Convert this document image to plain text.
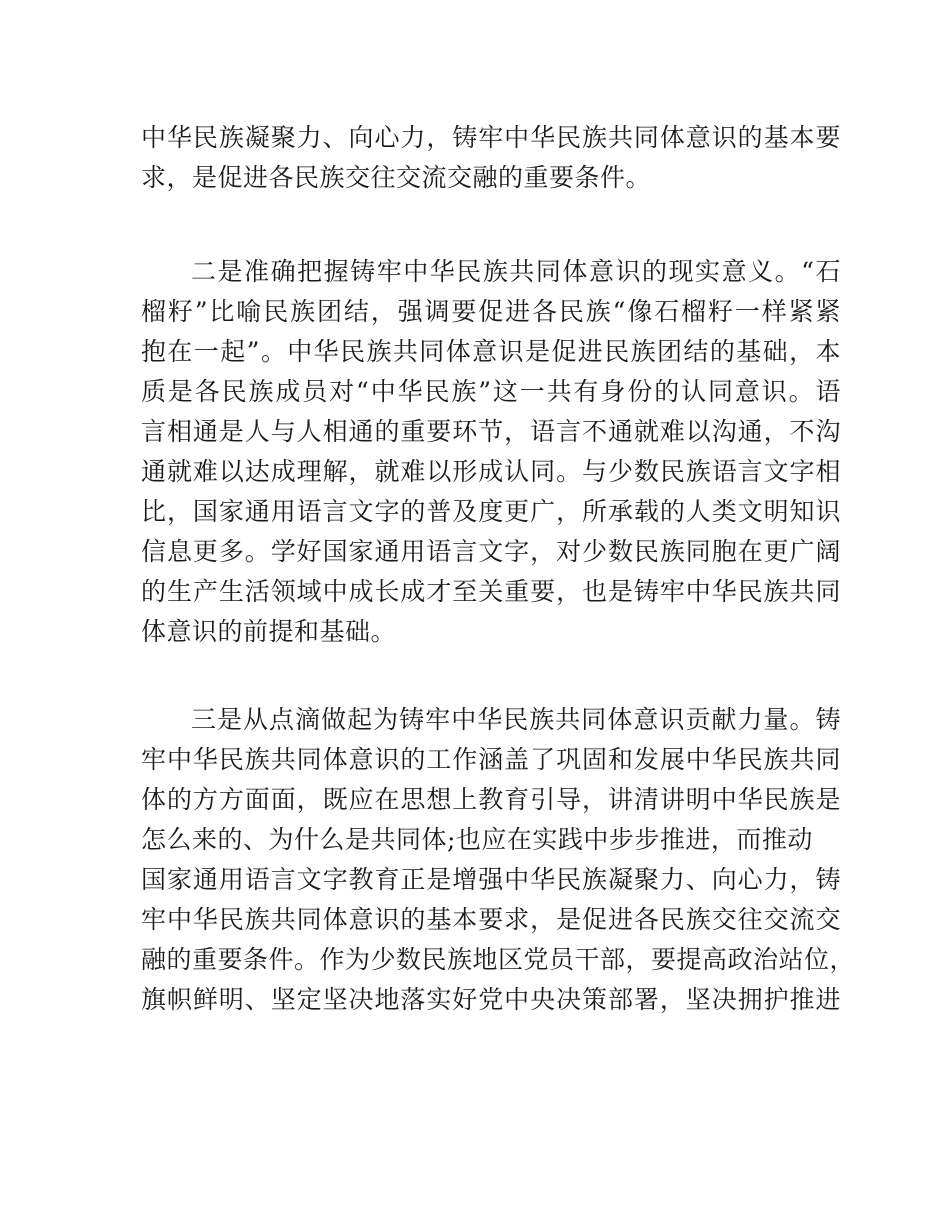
中华民族凝聚力、向心力，铸牢中华民族共同体意识的基本要
求，是促进各民族交往交流交融的重要条件。
二是准确把握铸牢中华民族共同体意识的现实意义。“石
榴籽”比喻民族团结，强调要促进各民族“像石榴籽一样紧紧
抱在一起”。中华民族共同体意识是促进民族团结的基础，本
质是各民族成员对“中华民族”这一共有身份的认同意识。语
言相通是人与人相通的重要环节，语言不通就难以沟通，不沟
通就难以达成理解，就难以形成认同。与少数民族语言文字相
比，国家通用语言文字的普及度更广，所承载的人类文明知识
信息更多。学好国家通用语言文字，对少数民族同胞在更广阔
的生产生活领域中成长成才至关重要，也是铸牢中华民族共同
体意识的前提和基础。
三是从点滴做起为铸牢中华民族共同体意识贡献力量。铸
牢中华民族共同体意识的工作涵盖了巩固和发展中华民族共同
体的方方面面，既应在思想上教育引导，讲清讲明中华民族是
怎么来的、为什么是共同体;也应在实践中步步推进，而推动
国家通用语言文字教育正是增强中华民族凝聚力、向心力，铸
牢中华民族共同体意识的基本要求，是促进各民族交往交流交
融的重要条件。作为少数民族地区党员干部，要提高政治站位，
旗帜鲜明、坚定坚决地落实好党中央决策部署，坚决拥护推进
